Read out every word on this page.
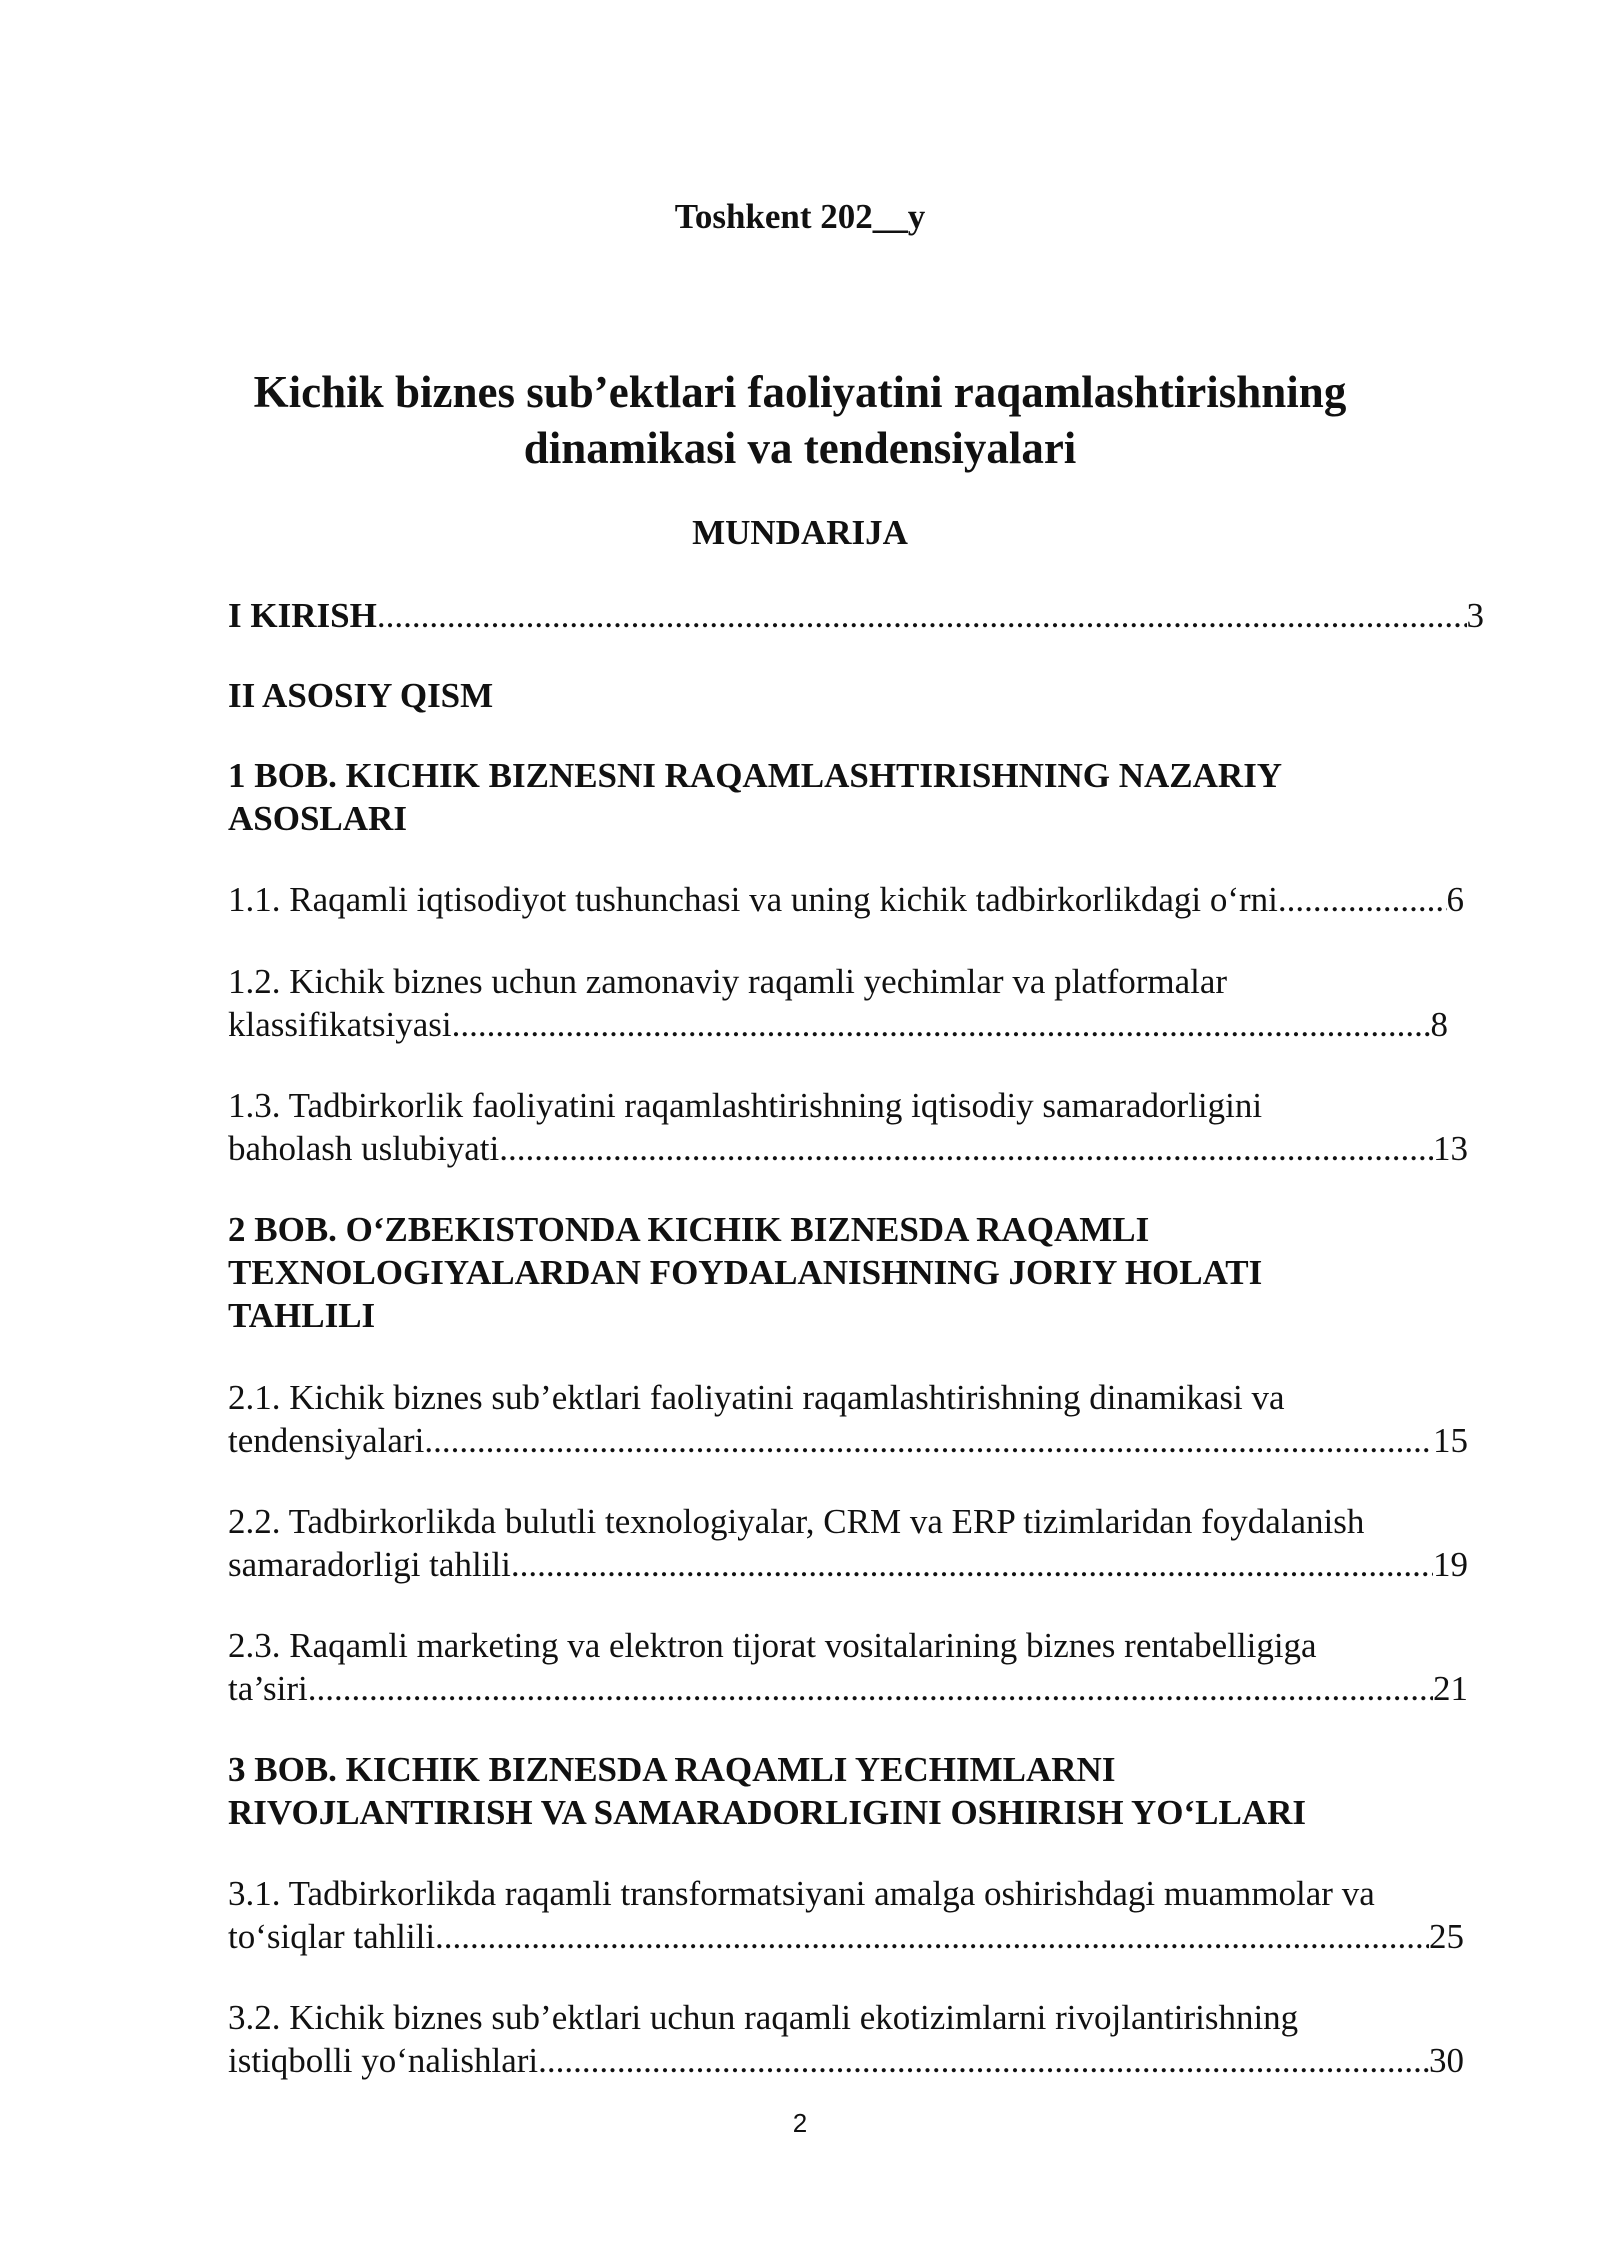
Toshkent 202__y
Kichik biznes sub’ektlari faoliyatini raqamlashtirishning
dinamikasi va tendensiyalari
MUNDARIJA
I KIRISH .....	3
II ASOSIY QISM
1 BOB. KICHIK BIZNESNI RAQAMLASHTIRISHNING NAZARIY
ASOSLARI
1.1. Raqamli iqtisodiyot tushunchasi va uning kichik tadbirkorlikdagi o‘rni .....	6
1.2. Kichik biznes uchun zamonaviy raqamli yechimlar va platformalar
klassifikatsiyasi .....	8
1.3. Tadbirkorlik faoliyatini raqamlashtirishning iqtisodiy samaradorligini
baholash uslubiyati .....	13
2 BOB. O‘ZBEKISTONDA KICHIK BIZNESDA RAQAMLI
TEXNOLOGIYALARDAN FOYDALANISHNING JORIY HOLATI
TAHLILI
2.1. Kichik biznes sub’ektlari faoliyatini raqamlashtirishning dinamikasi va
tendensiyalari .....	15
2.2. Tadbirkorlikda bulutli texnologiyalar, CRM va ERP tizimlaridan foydalanish
samaradorligi tahlili .....	19
2.3. Raqamli marketing va elektron tijorat vositalarining biznes rentabelligiga
ta’siri .....	21
3 BOB. KICHIK BIZNESDA RAQAMLI YECHIMLARNI
RIVOJLANTIRISH VA SAMARADORLIGINI OSHIRISH YO‘LLARI
3.1. Tadbirkorlikda raqamli transformatsiyani amalga oshirishdagi muammolar va
to‘siqlar tahlili .....	25
3.2. Kichik biznes sub’ektlari uchun raqamli ekotizimlarni rivojlantirishning
istiqbolli yo‘nalishlari .....	30
2
